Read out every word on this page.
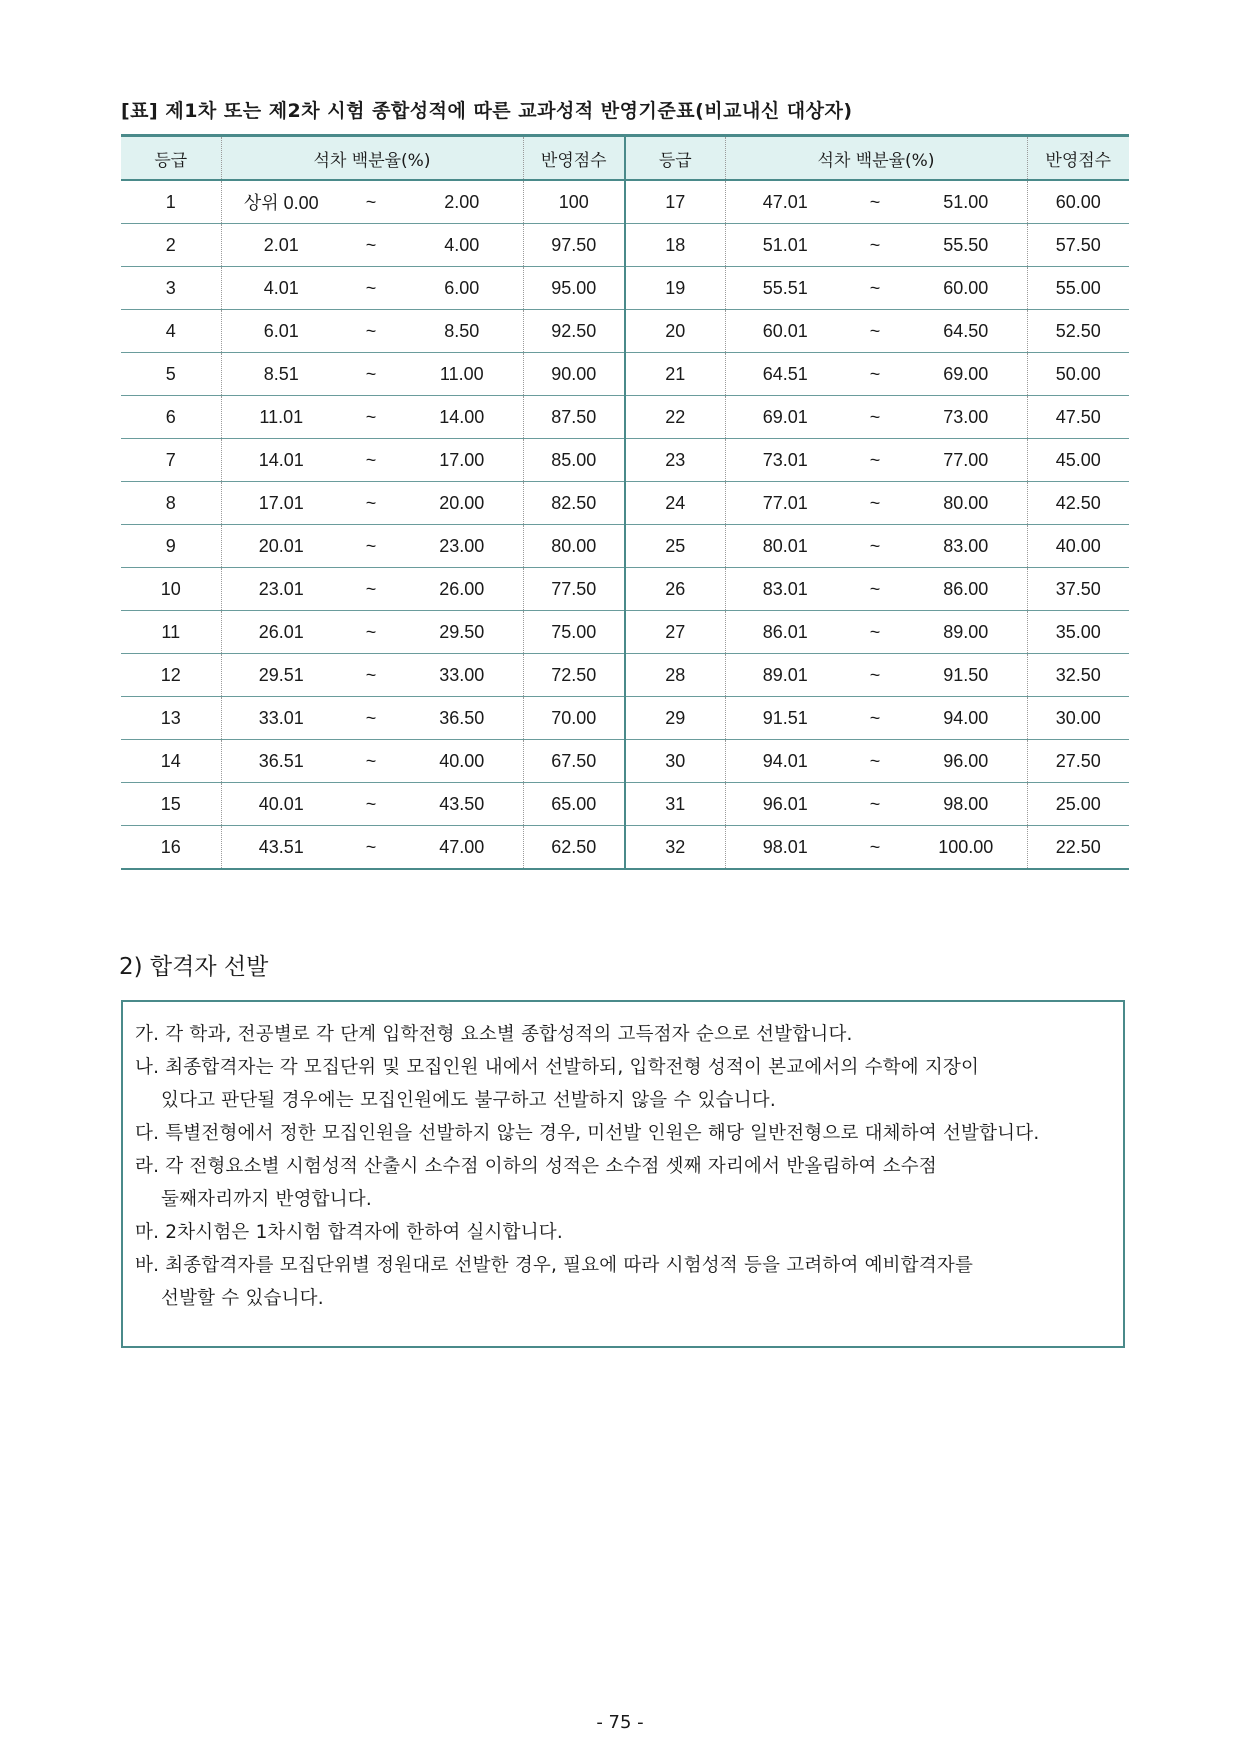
[표] 제1차 또는 제2차 시험 종합성적에 따른 교과성적 반영기준표(비교내신 대상자)
등급	석차 백분율(%)			반영점수	등급	석차 백분율(%)			반영점수
1	상위 0.00	~	2.00	100	17	47.01	~	51.00	60.00
2	2.01	~	4.00	97.50	18	51.01	~	55.50	57.50
3	4.01	~	6.00	95.00	19	55.51	~	60.00	55.00
4	6.01	~	8.50	92.50	20	60.01	~	64.50	52.50
5	8.51	~	11.00	90.00	21	64.51	~	69.00	50.00
6	11.01	~	14.00	87.50	22	69.01	~	73.00	47.50
7	14.01	~	17.00	85.00	23	73.01	~	77.00	45.00
8	17.01	~	20.00	82.50	24	77.01	~	80.00	42.50
9	20.01	~	23.00	80.00	25	80.01	~	83.00	40.00
10	23.01	~	26.00	77.50	26	83.01	~	86.00	37.50
11	26.01	~	29.50	75.00	27	86.01	~	89.00	35.00
12	29.51	~	33.00	72.50	28	89.01	~	91.50	32.50
13	33.01	~	36.50	70.00	29	91.51	~	94.00	30.00
14	36.51	~	40.00	67.50	30	94.01	~	96.00	27.50
15	40.01	~	43.50	65.00	31	96.01	~	98.00	25.00
16	43.51	~	47.00	62.50	32	98.01	~	100.00	22.50
2) 합격자 선발
가. 각 학과, 전공별로 각 단계 입학전형 요소별 종합성적의 고득점자 순으로 선발합니다.
나. 최종합격자는 각 모집단위 및 모집인원 내에서 선발하되, 입학전형 성적이 본교에서의 수학에 지장이
있다고 판단될 경우에는 모집인원에도 불구하고 선발하지 않을 수 있습니다.
다. 특별전형에서 정한 모집인원을 선발하지 않는 경우, 미선발 인원은 해당 일반전형으로 대체하여 선발합니다.
라. 각 전형요소별 시험성적 산출시 소수점 이하의 성적은 소수점 셋째 자리에서 반올림하여 소수점
둘째자리까지 반영합니다.
마. 2차시험은 1차시험 합격자에 한하여 실시합니다.
바. 최종합격자를 모집단위별 정원대로 선발한 경우, 필요에 따라 시험성적 등을 고려하여 예비합격자를
선발할 수 있습니다.
- 75 -
